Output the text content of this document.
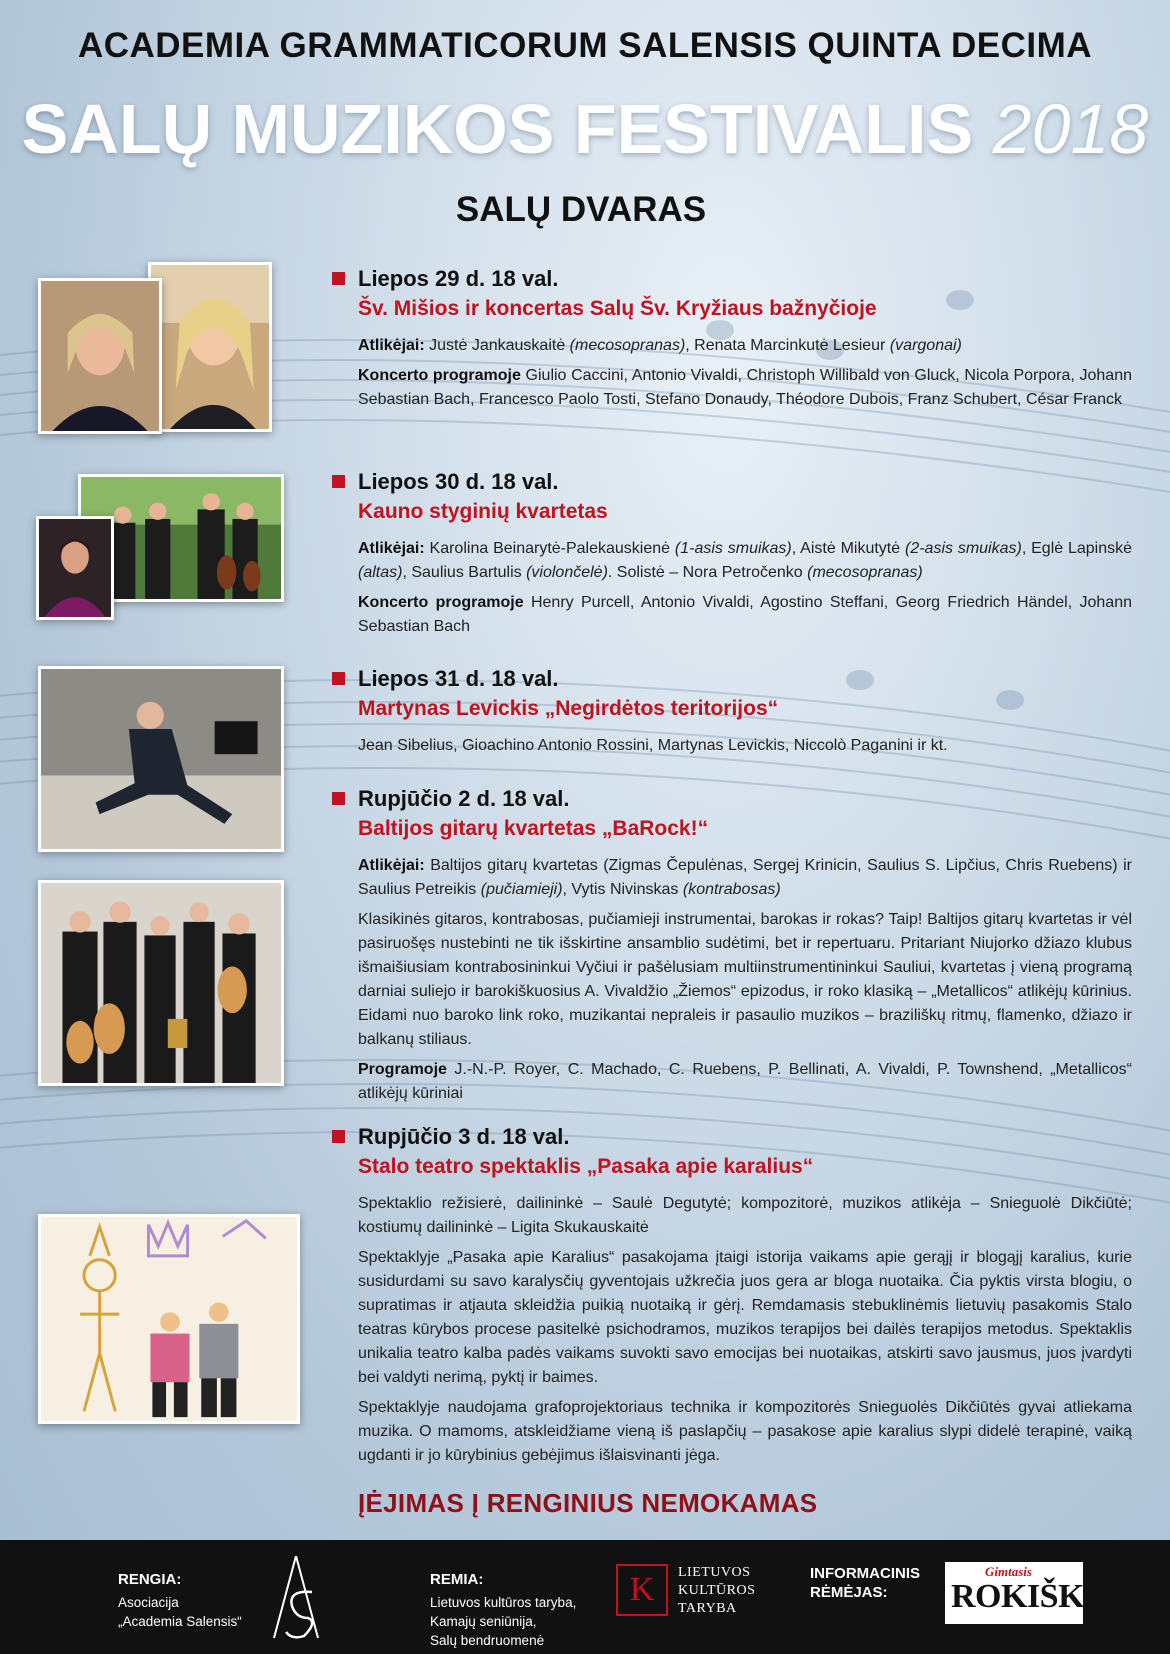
ACADEMIA GRAMMATICORUM SALENSIS QUINTA DECIMA
SALŲ MUZIKOS FESTIVALIS 2018
SALŲ DVARAS
Liepos 29 d. 18 val.
Šv. Mišios ir koncertas Salų Šv. Kryžiaus bažnyčioje

Atlikėjai: Justė Jankauskaitė (mecosopranas), Renata Marcinkutė Lesieur (vargonai)

Koncerto programoje Giulio Caccini, Antonio Vivaldi, Christoph Willibald von Gluck, Nicola Porpora, Johann Sebastian Bach, Francesco Paolo Tosti, Stefano Donaudy, Théodore Dubois, Franz Schubert, César Franck

Liepos 30 d. 18 val.
Kauno styginių kvartetas

Atlikėjai: Karolina Beinarytė-Palekauskienė (1-asis smuikas), Aistė Mikutytė (2-asis smuikas), Eglė Lapinskė (altas), Saulius Bartulis (violončelė). Solistė – Nora Petročenko (mecosopranas)

Koncerto programoje Henry Purcell, Antonio Vivaldi, Agostino Steffani, Georg Friedrich Händel, Johann Sebastian Bach

Liepos 31 d. 18 val.
Martynas Levickis „Negirdėtos teritorijos“

Jean Sibelius, Gioachino Antonio Rossini, Martynas Levickis, Niccolò Paganini ir kt.

Rupjūčio 2 d. 18 val.
Baltijos gitarų kvartetas „BaRock!“

Atlikėjai: Baltijos gitarų kvartetas (Zigmas Čepulėnas, Sergej Krinicin, Saulius S. Lipčius, Chris Ruebens) ir Saulius Petreikis (pučiamieji), Vytis Nivinskas (kontrabosas)

Klasikinės gitaros, kontrabosas, pučiamieji instrumentai, barokas ir rokas? Taip! Baltijos gitarų kvartetas ir vėl pasiruošęs nustebinti ne tik išskirtine ansamblio sudėtimi, bet ir repertuaru. Pritariant Niujorko džiazo klubus išmaišiusiam kontrabosininkui Vyčiui ir pašėlusiam multiinstrumentininkui Sauliui, kvartetas į vieną programą darniai suliejo ir barokiškuosius A. Vivaldžio „Žiemos“ epizodus, ir roko klasiką – „Metallicos“ atlikėjų kūrinius. Eidami nuo baroko link roko, muzikantai nepraleis ir pasaulio muzikos – braziliškų ritmų, flamenko, džiazo ir balkanų stiliaus.

Programoje J.-N.-P. Royer, C. Machado, C. Ruebens, P. Bellinati, A. Vivaldi, P. Townshend, „Metallicos“ atlikėjų kūriniai

Rupjūčio 3 d. 18 val.
Stalo teatro spektaklis „Pasaka apie karalius“

Spektaklio režisierė, dailininkė – Saulė Degutytė; kompozitorė, muzikos atlikėja – Snieguolė Dikčiūtė; kostiumų dailininkė – Ligita Skukauskaitė

Spektaklyje „Pasaka apie Karalius“ pasakojama įtaigi istorija vaikams apie gerąjį ir blogąjį karalius, kurie susidurdami su savo karalysčių gyventojais užkrečia juos gera ar bloga nuotaika. Čia pyktis virsta blogiu, o supratimas ir atjauta skleidžia puikią nuotaiką ir gėrį. Remdamasis stebuklinėmis lietuvių pasakomis Stalo teatras kūrybos procese pasitelkė psichodramos, muzikos terapijos bei dailės terapijos metodus. Spektaklis unikalia teatro kalba padės vaikams suvokti savo emocijas bei nuotaikas, atskirti savo jausmus, juos įvardyti bei valdyti nerimą, pyktį ir baimes.

Spektaklyje naudojama grafoprojektoriaus technika ir kompozitorės Snieguolės Dikčiūtės gyvai atliekama muzika. O mamoms, atskleidžiame vieną iš paslapčių – pasakose apie karalius slypi didelė terapinė, vaiką ugdanti ir jo kūrybinius gebėjimus išlaisvinanti jėga.

ĮĖJIMAS Į RENGINIUS NEMOKAMAS
RENGIA:
Asociacija
„Academia Salensis“
REMIA:
Lietuvos kultūros taryba,
Kamajų seniūnija,
Salų bendruomenė
K	LIETUVOS
KULTŪROS
TARYBA
INFORMACINIS
RĖMĖJAS:
Gimtasis
ROKIŠKIS
